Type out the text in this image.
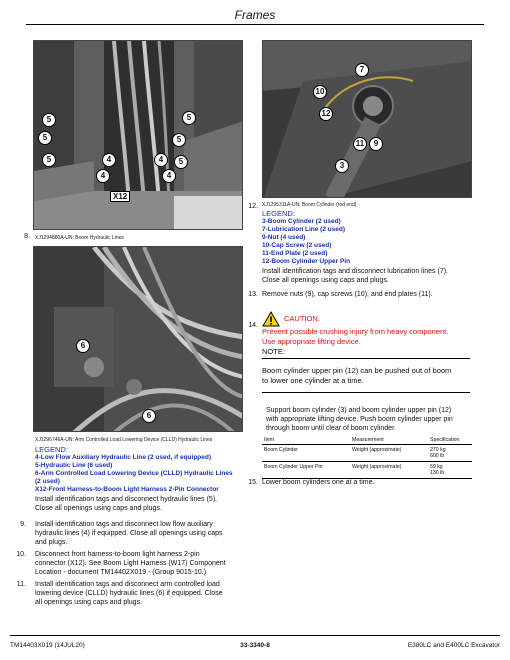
Frames
5
5
5
5
5
4	4
4	4
5
X12
8. XJ1294880A-UN: Boom Hydraulic Lines
6
6
XJ1296746A-UN: Arm Controlled Load Lowering Device (CLLD) Hydraulic Lines
LEGEND:
4-Low Flow Auxiliary Hydraulic Line (2 used, if equipped)
5-Hydraulic Line (6 used)
6-Arm Controlled Load Lowering Device (CLLD) Hydraulic Lines
(2 used)
X12-Front Harness-to-Boom Light Harness 2-Pin Connector
Install identification tags and disconnect hydraulic lines (5).
Close all openings using caps and plugs.
9. Install identification tags and disconnect low flow auxiliary
hydraulic lines (4) if equipped. Close all openings using caps
and plugs.
10. Disconnect front harness-to-boom light harness 2-pin
connector (X12). See Boom Light Harness (W17) Component
Location - document TM14402X019 - (Group 9015-10.)
11. Install identification tags and disconnect arm controlled load
lowering device (CLLD) hydraulic lines (6) if equipped. Close
all openings using caps and plugs.
7
10
12
11	9
3
12. XJ1295311A-UN: Boom Cylinder (rod end)
LEGEND:
3-Boom Cylinder (2 used)
7-Lubrication Line (2 used)
9-Nut (4 used)
10-Cap Screw (2 used)
11-End Plate (2 used)
12-Boom Cylinder Upper Pin
Install identification tags and disconnect lubrication lines (7).
Close all openings using caps and plugs.
13. Remove nuts (9), cap screws (10), and end plates (11).
14.
CAUTION:
Prevent possible crushing injury from heavy component.
Use appropriate lifting device.
NOTE:
Boom cylinder upper pin (12) can be pushed out of boom
to lower one cylinder at a time.
Support boom cylinder (3) and boom cylinder upper pin (12)
with appropriate lifting device. Push boom cylinder upper pin
through boom until clear of boom cylinder.
Item	Measurement	Specification
Boom Cylinder	Weight (approximate)	270 kg
600 lb

Boom Cylinder Upper Pin	Weight (approximate)	59 kg
130 lb
15. Lower boom cylinders one at a time.
TM14403X019 (14JUL20)	33-3340-8	E380LC and E400LC Excavator
